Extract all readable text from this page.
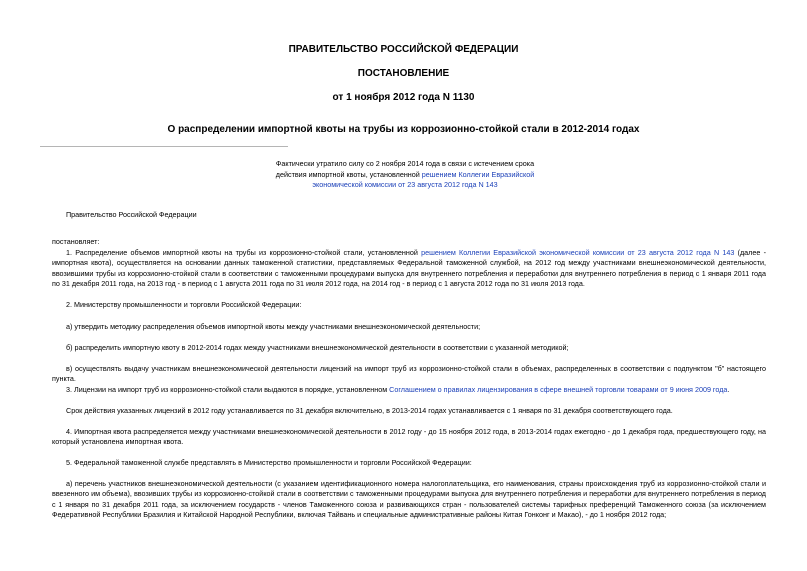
ПРАВИТЕЛЬСТВО РОССИЙСКОЙ ФЕДЕРАЦИИ
ПОСТАНОВЛЕНИЕ
от 1 ноября 2012 года N 1130
О распределении импортной квоты на трубы из коррозионно-стойкой стали в 2012-2014 годах
Фактически утратило силу со 2 ноября 2014 года в связи с истечением срока действия импортной квоты, установленной решением Коллегии Евразийской экономической комиссии от 23 августа 2012 года N 143
Правительство Российской Федерации
постановляет:
1. Распределение объемов импортной квоты на трубы из коррозионно-стойкой стали, установленной решением Коллегии Евразийской экономической комиссии от 23 августа 2012 года N 143 (далее - импортная квота), осуществляется на основании данных таможенной статистики, представляемых Федеральной таможенной службой, на 2012 год между участниками внешнеэкономической деятельности, ввозившими трубы из коррозионно-стойкой стали в соответствии с таможенными процедурами выпуска для внутреннего потребления и переработки для внутреннего потребления в период с 1 января 2011 года по 31 декабря 2011 года, на 2013 год - в период с 1 августа 2011 года по 31 июля 2012 года, на 2014 год - в период с 1 августа 2012 года по 31 июля 2013 года.
2. Министерству промышленности и торговли Российской Федерации:
а) утвердить методику распределения объемов импортной квоты между участниками внешнеэкономической деятельности;
б) распределить импортную квоту в 2012-2014 годах между участниками внешнеэкономической деятельности в соответствии с указанной методикой;
в) осуществлять выдачу участникам внешнеэкономической деятельности лицензий на импорт труб из коррозионно-стойкой стали в объемах, распределенных в соответствии с подпунктом "б" настоящего пункта.
3. Лицензии на импорт труб из коррозионно-стойкой стали выдаются в порядке, установленном Соглашением о правилах лицензирования в сфере внешней торговли товарами от 9 июня 2009 года.
Срок действия указанных лицензий в 2012 году устанавливается по 31 декабря включительно, в 2013-2014 годах устанавливается с 1 января по 31 декабря соответствующего года.
4. Импортная квота распределяется между участниками внешнеэкономической деятельности в 2012 году - до 15 ноября 2012 года, в 2013-2014 годах ежегодно - до 1 декабря года, предшествующего году, на который установлена импортная квота.
5. Федеральной таможенной службе представлять в Министерство промышленности и торговли Российской Федерации:
а) перечень участников внешнеэкономической деятельности (с указанием идентификационного номера налогоплательщика, его наименования, страны происхождения труб из коррозионно-стойкой стали и ввезенного им объема), ввозивших трубы из коррозионно-стойкой стали в соответствии с таможенными процедурами выпуска для внутреннего потребления и переработки для внутреннего потребления в период с 1 января по 31 декабря 2011 года, за исключением государств - членов Таможенного союза и развивающихся стран - пользователей системы тарифных преференций Таможенного союза (за исключением Федеративной Республики Бразилия и Китайской Народной Республики, включая Тайвань и специальные административные районы Китая Гонконг и Макао), - до 1 ноября 2012 года;
